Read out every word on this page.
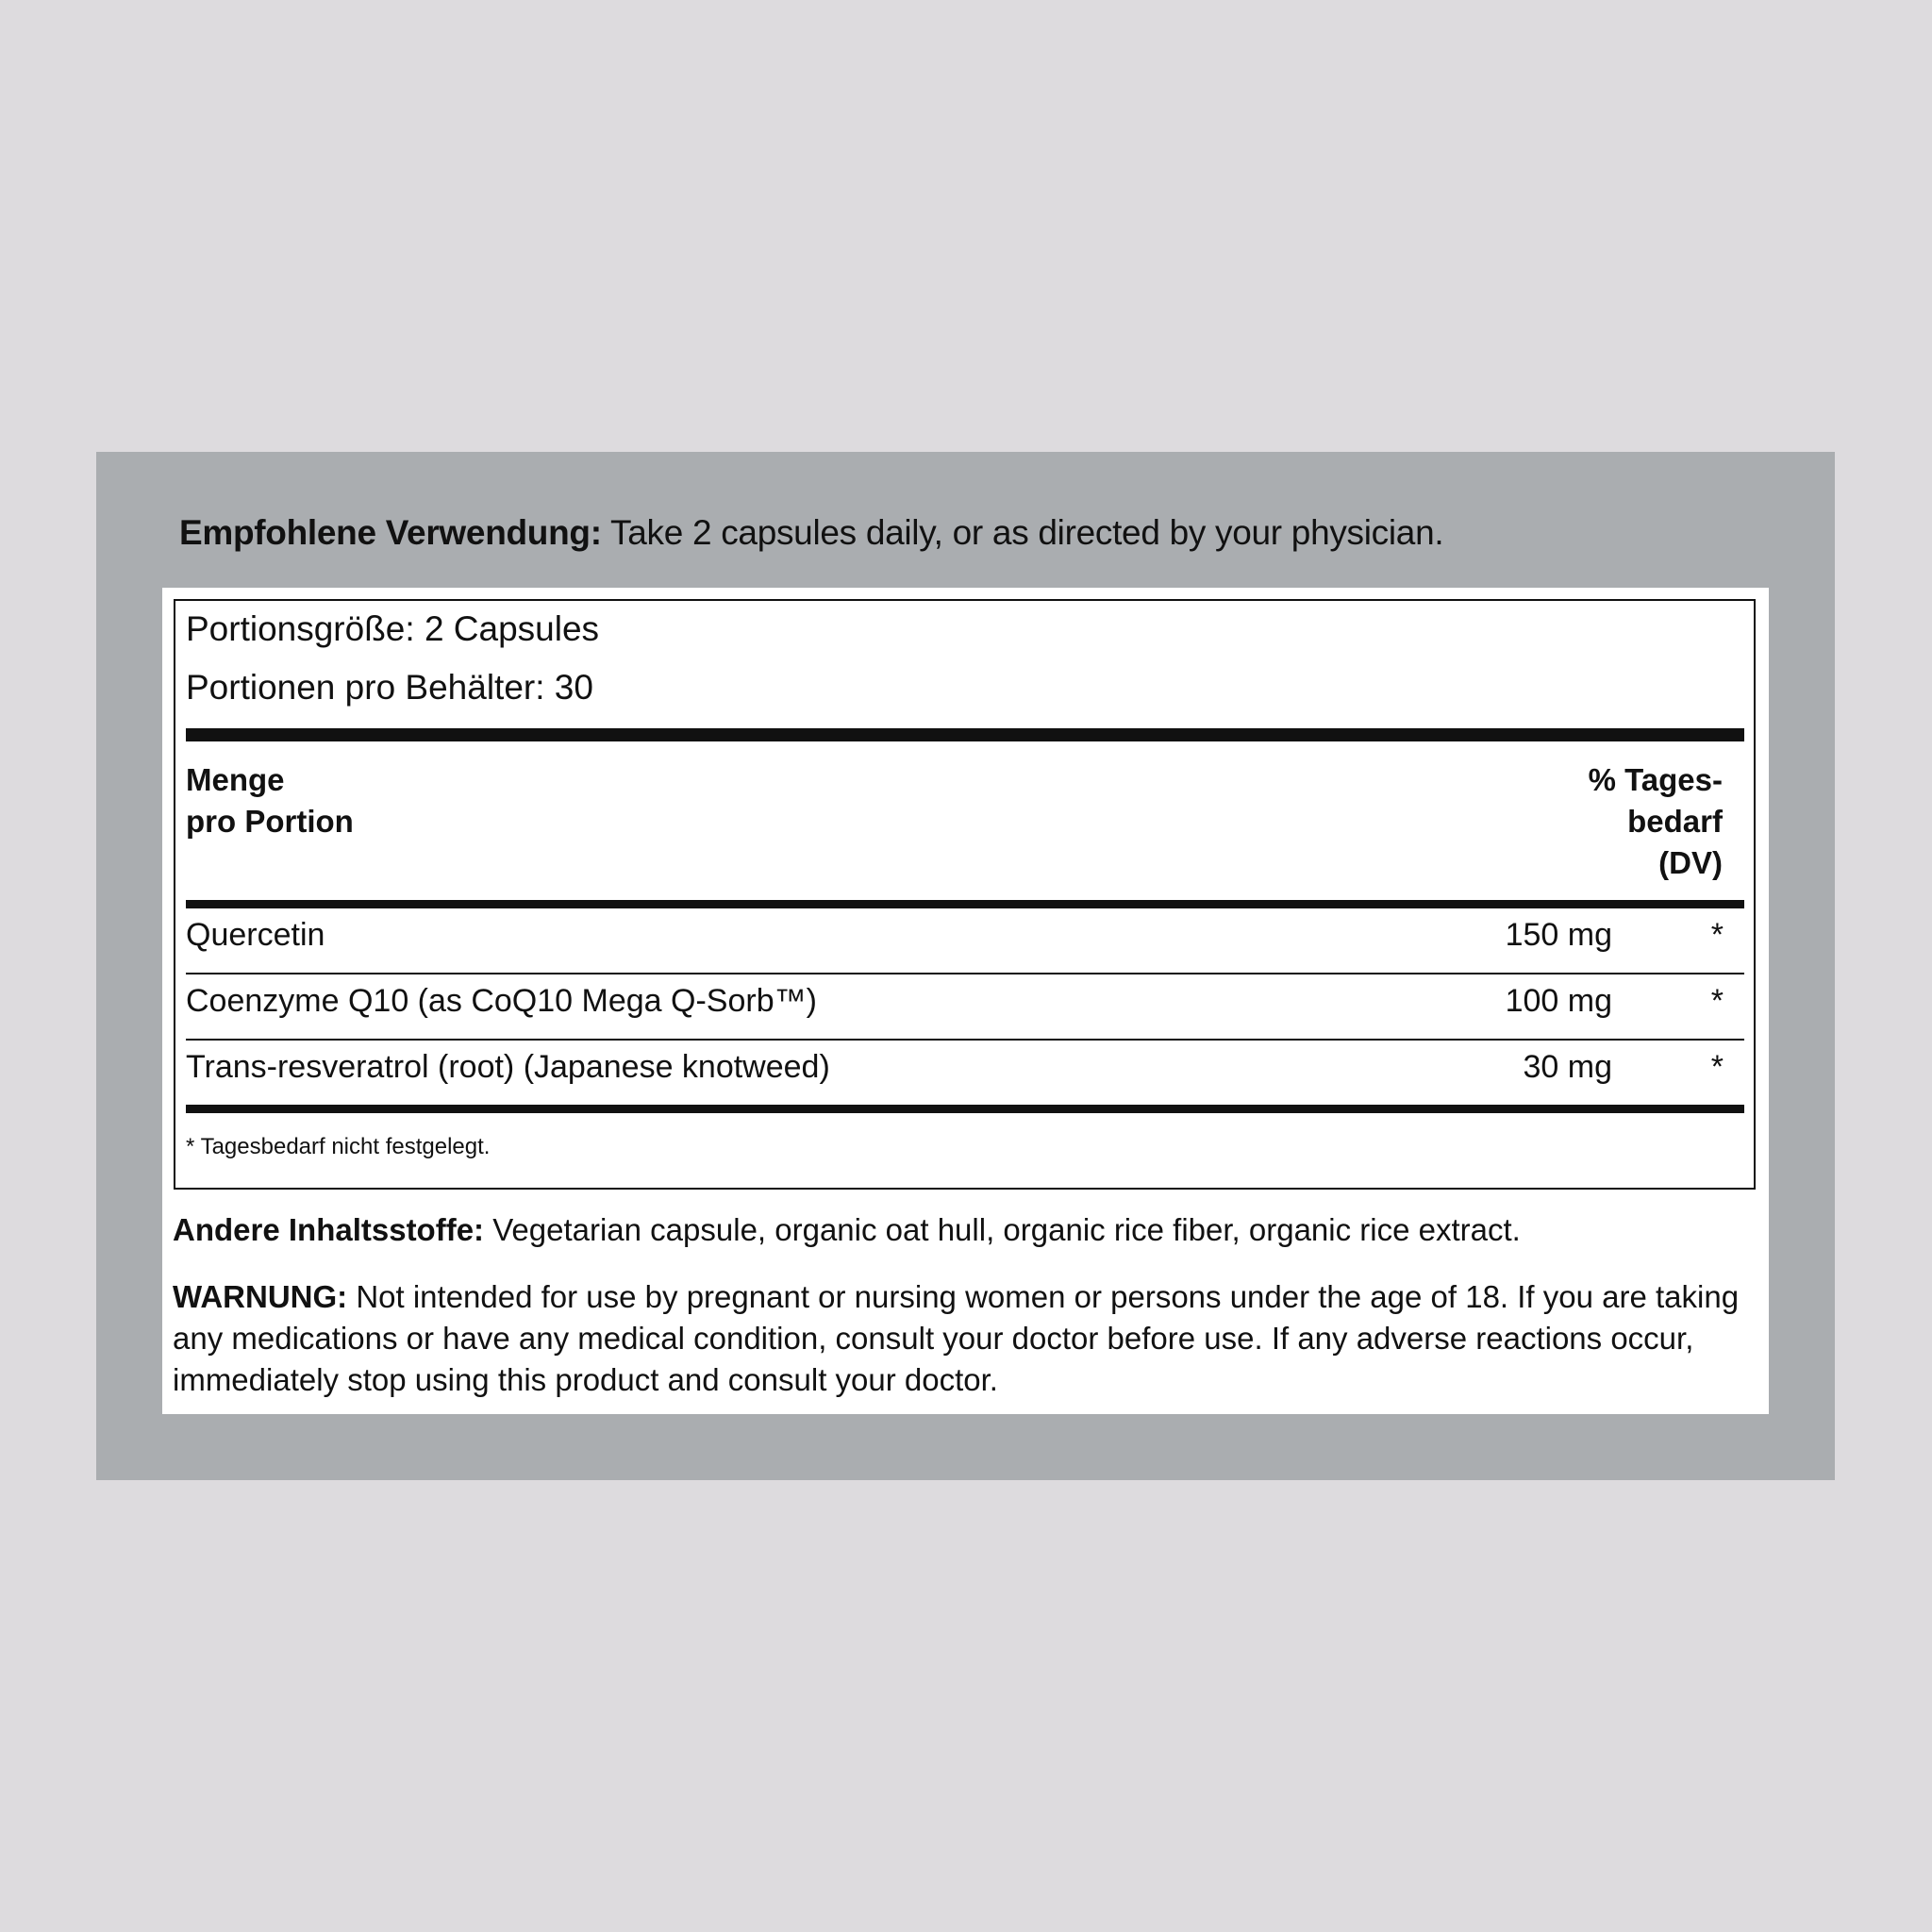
Empfohlene Verwendung: Take 2 capsules daily, or as directed by your physician.
Portionsgröße: 2 Capsules
Portionen pro Behälter: 30
Menge
pro Portion
% Tages-
bedarf
(DV)
Quercetin	150 mg	*
Coenzyme Q10 (as CoQ10 Mega Q-Sorb™)	100 mg	*
Trans-resveratrol (root) (Japanese knotweed)	30 mg	*
* Tagesbedarf nicht festgelegt.
Andere Inhaltsstoffe: Vegetarian capsule, organic oat hull, organic rice fiber, organic rice extract.
WARNUNG: Not intended for use by pregnant or nursing women or persons under the age of 18. If you are taking any medications or have any medical condition, consult your doctor before use. If any adverse reactions occur, immediately stop using this product and consult your doctor.
